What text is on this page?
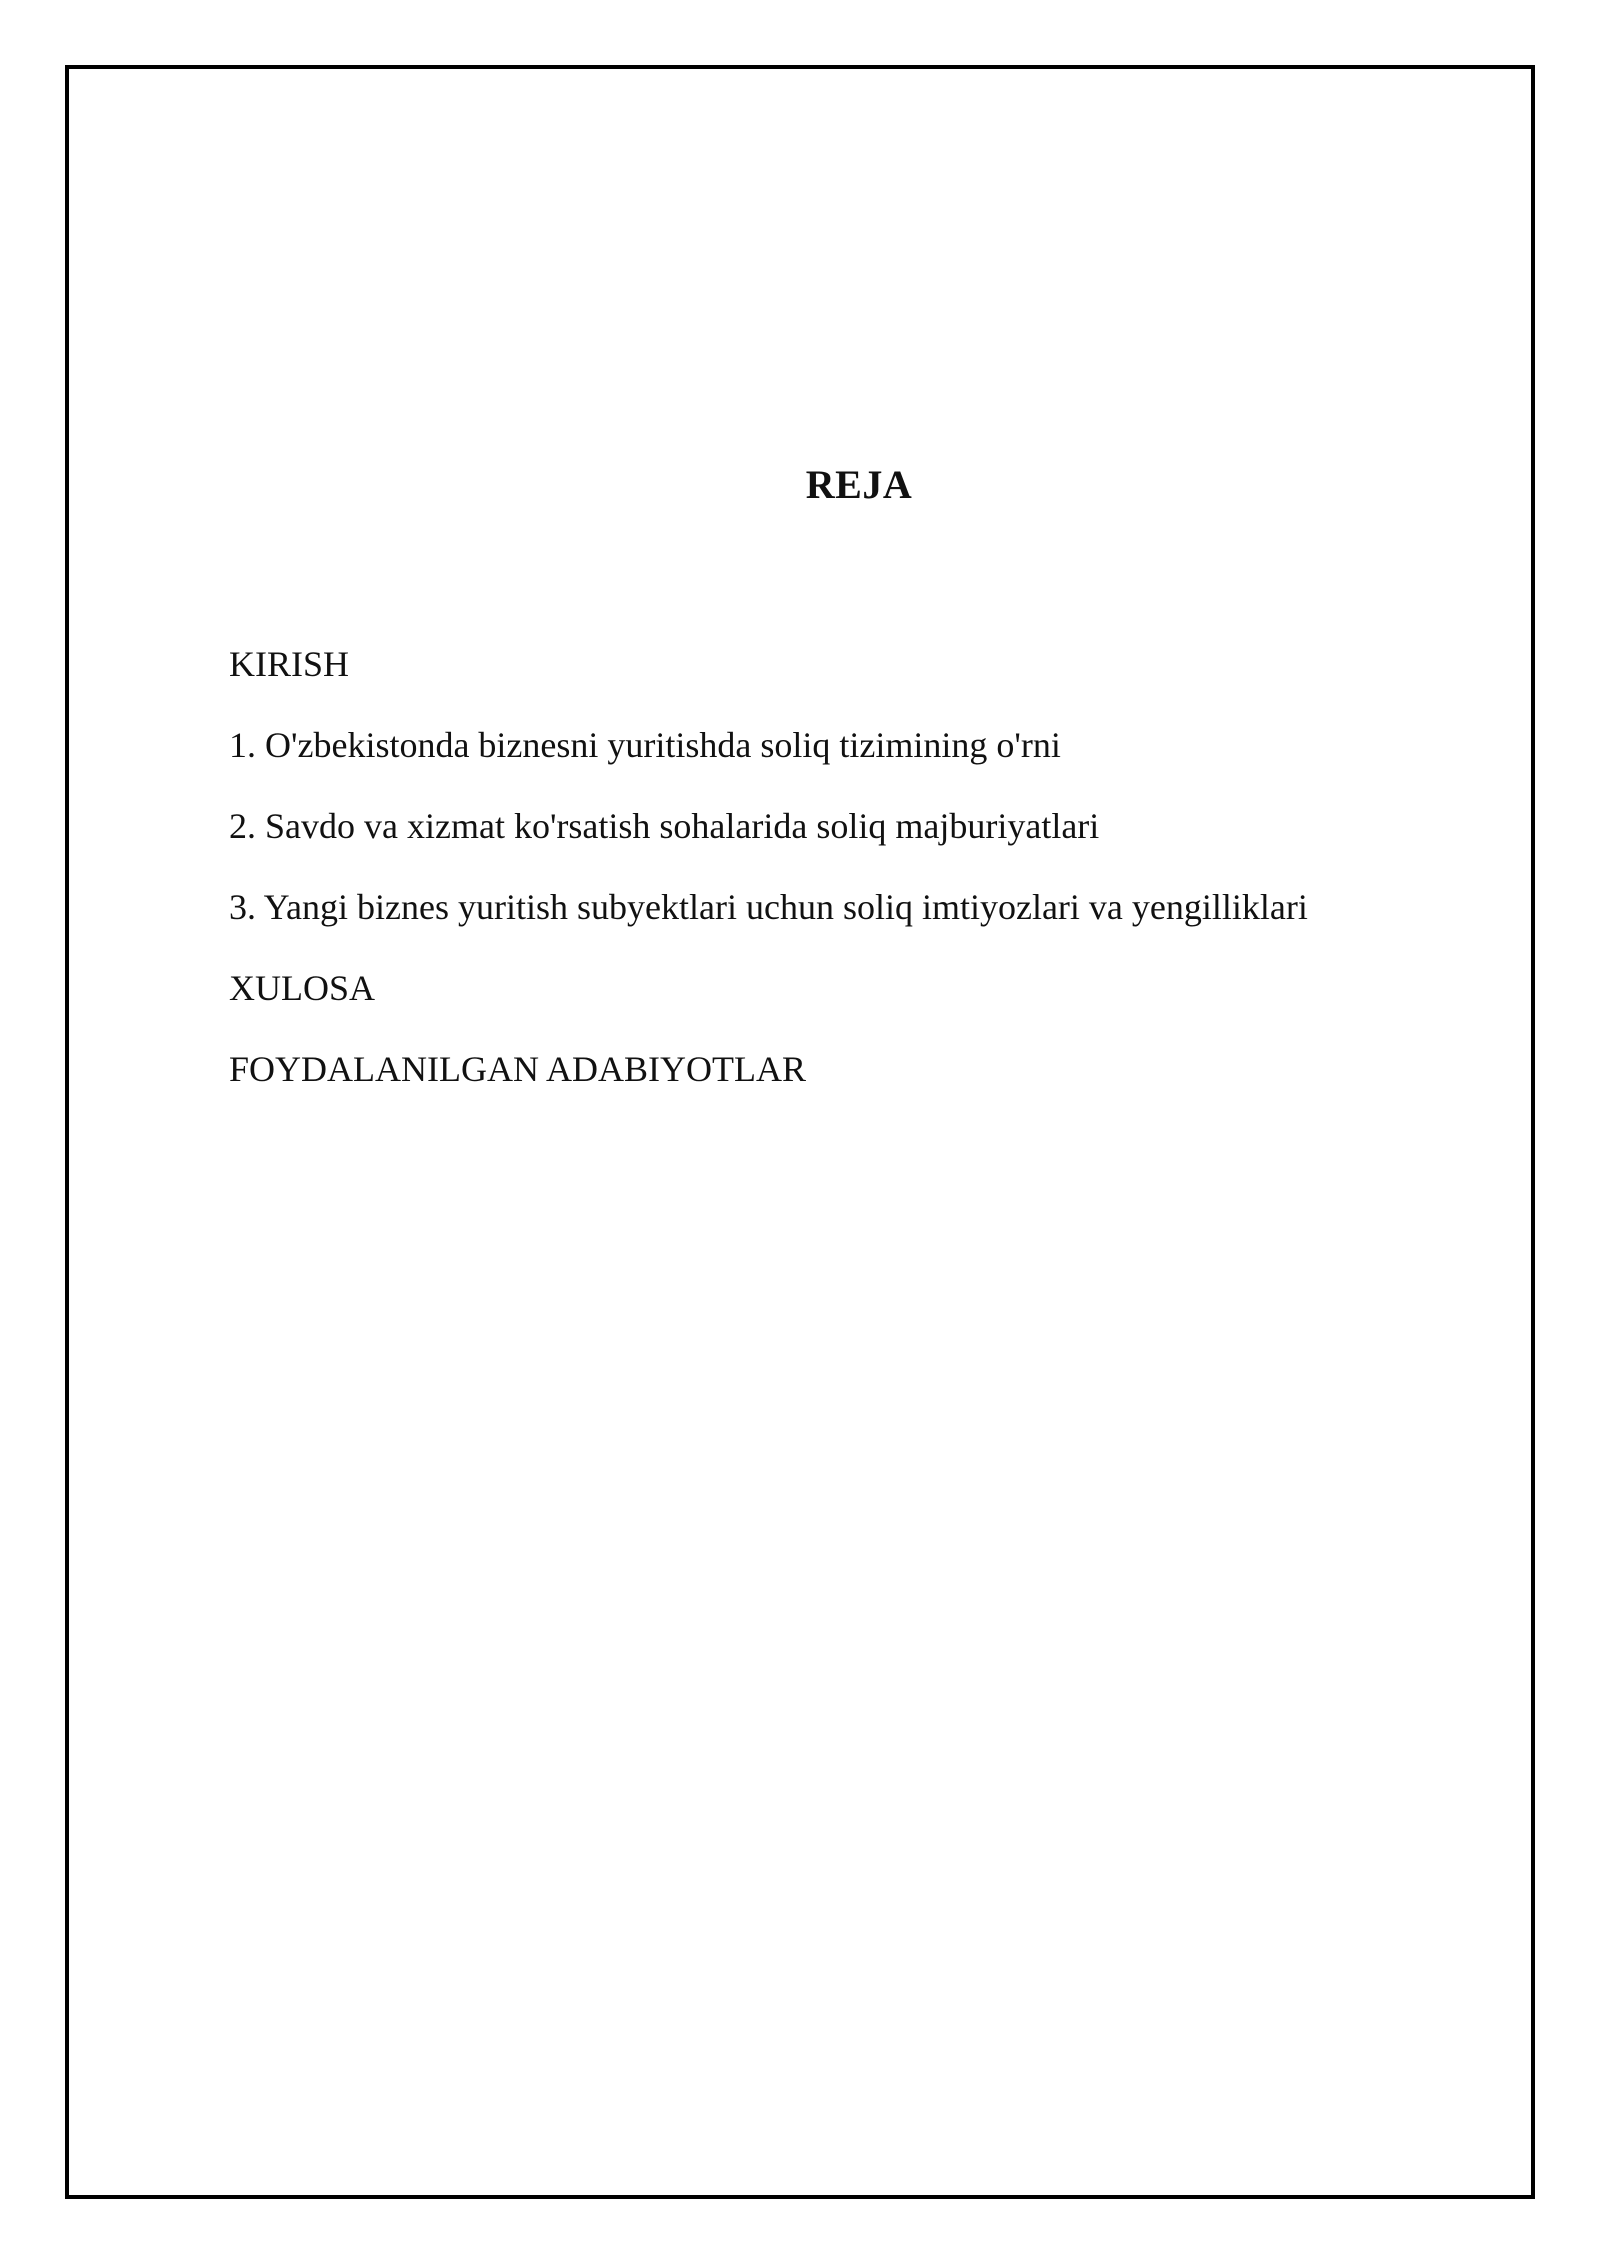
REJA
KIRISH
1. O'zbekistonda biznesni yuritishda soliq tizimining o'rni
2. Savdo va xizmat ko'rsatish sohalarida soliq majburiyatlari
3. Yangi biznes yuritish subyektlari uchun soliq imtiyozlari va yengilliklari
XULOSA
FOYDALANILGAN ADABIYOTLAR
